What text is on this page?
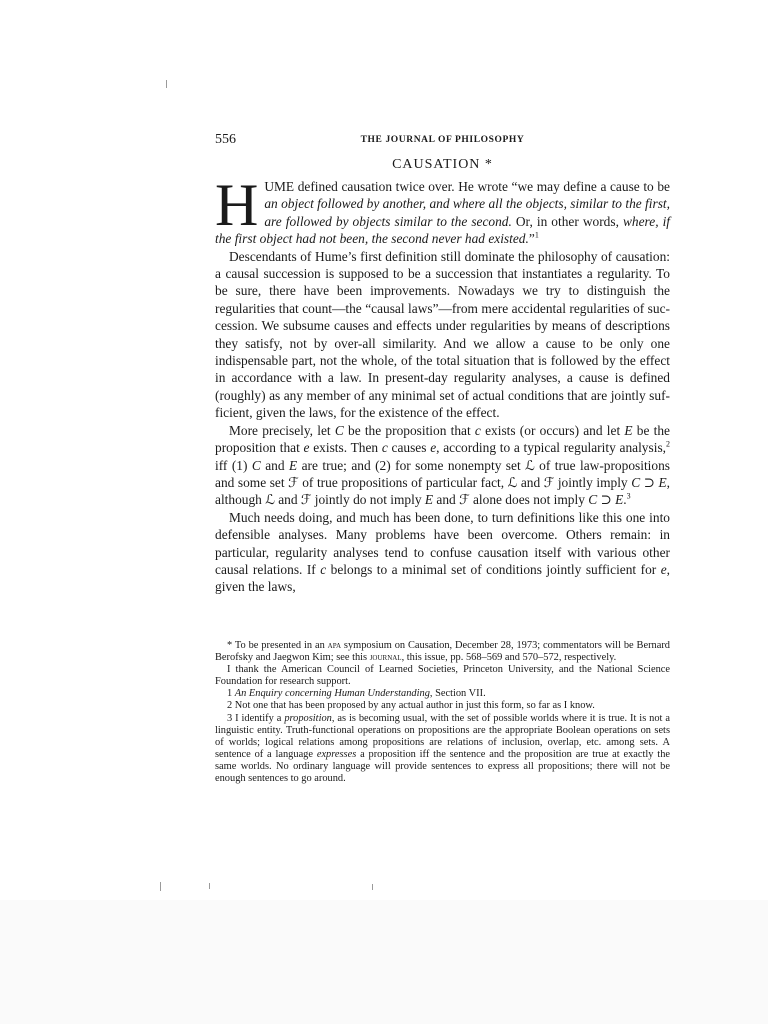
556	THE JOURNAL OF PHILOSOPHY
CAUSATION *

HUME defined causation twice over. He wrote “we may define a cause to be an object followed by another, and where all the objects, similar to the first, are followed by objects similar to the second. Or, in other words, where, if the first object had not been, the second never had existed.”$^1$

Descendants of Hume’s first definition still dominate the philosophy of causation: a causal succession is supposed to be a succession that instantiates a regularity. To be sure, there have been improvements. Nowadays we try to distinguish the regularities that count—the “causal laws”—from mere accidental regularities of succession. We subsume causes and effects under regularities by means of descriptions they satisfy, not by over-all similarity. And we allow a cause to be only one indispensable part, not the whole, of the total situation that is followed by the effect in accordance with a law. In present-day regularity analyses, a cause is defined (roughly) as any member of any minimal set of actual conditions that are jointly sufficient, given the laws, for the existence of the effect.

More precisely, let C be the proposition that c exists (or occurs) and let E be the proposition that e exists. Then c causes e, according to a typical regularity analysis,$^2$ iff (1) C and E are true; and (2) for some nonempty set ℒ of true law-propositions and some set ℱ of true propositions of particular fact, ℒ and ℱ jointly imply C ⊃ E, although ℒ and ℱ jointly do not imply E and ℱ alone does not imply C ⊃ E.$^3$

Much needs doing, and much has been done, to turn definitions like this one into defensible analyses. Many problems have been overcome. Others remain: in particular, regularity analyses tend to confuse causation itself with various other causal relations. If c belongs to a minimal set of conditions jointly sufficient for e, given the laws,

* To be presented in an apa symposium on Causation, December 28, 1973; commentators will be Bernard Berofsky and Jaegwon Kim; see this journal, this issue, pp. 568–569 and 570–572, respectively.

I thank the American Council of Learned Societies, Princeton University, and the National Science Foundation for research support.

1 An Enquiry concerning Human Understanding, Section VII.

2 Not one that has been proposed by any actual author in just this form, so far as I know.

3 I identify a proposition, as is becoming usual, with the set of possible worlds where it is true. It is not a linguistic entity. Truth-functional operations on propositions are the appropriate Boolean operations on sets of worlds; logical relations among propositions are relations of inclusion, overlap, etc. among sets. A sentence of a language expresses a proposition iff the sentence and the proposition are true at exactly the same worlds. No ordinary language will provide sentences to express all propositions; there will not be enough sentences to go around.
